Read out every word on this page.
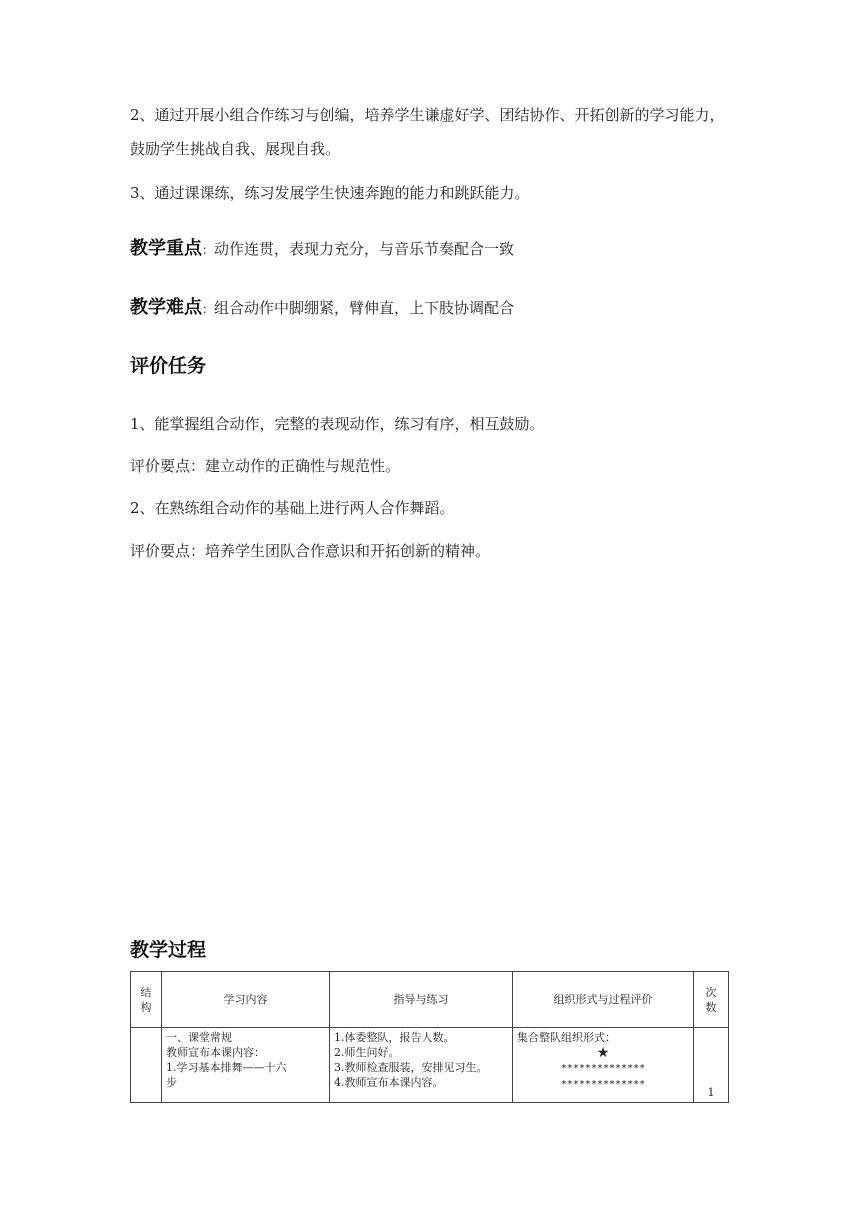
2、通过开展小组合作练习与创编，培养学生谦虚好学、团结协作、开拓创新的学习能力，鼓励学生挑战自我、展现自我。

3、通过课课练，练习发展学生快速奔跑的能力和跳跃能力。

教学重点：动作连贯，表现力充分，与音乐节奏配合一致

教学难点：组合动作中脚绷紧，臂伸直，上下肢协调配合

评价任务

1、能掌握组合动作，完整的表现动作，练习有序，相互鼓励。

评价要点：建立动作的正确性与规范性。

2、在熟练组合动作的基础上进行两人合作舞蹈。

评价要点：培养学生团队合作意识和开拓创新的精神。

教学过程
结
构	学习内容	指导与练习	组织形式与过程评价	次
数

	一、课堂常规
教师宣布本课内容：
1.学习基本排舞——十六
步	1.体委整队，报告人数。
2.师生问好。
3.教师检查服装，安排见习生。
4.教师宣布本课内容。	集合整队组织形式：
★
**************
**************	1
